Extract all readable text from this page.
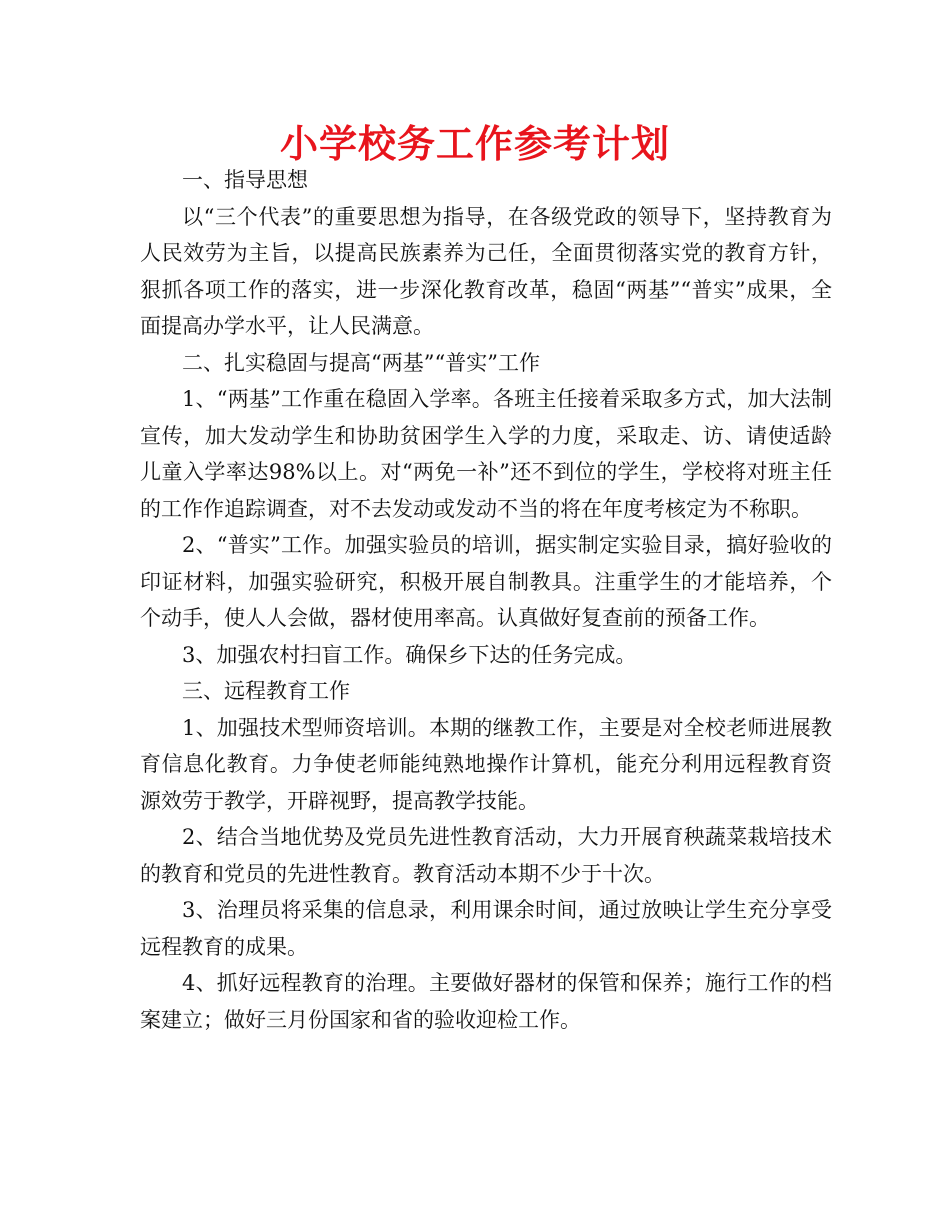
小学校务工作参考计划

一、指导思想

以“三个代表”的重要思想为指导，在各级党政的领导下，坚持教育为人民效劳为主旨，以提高民族素养为己任，全面贯彻落实党的教育方针，狠抓各项工作的落实，进一步深化教育改革，稳固“两基”“普实”成果，全面提高办学水平，让人民满意。

二、扎实稳固与提高“两基”“普实”工作

1、“两基”工作重在稳固入学率。各班主任接着采取多方式，加大法制宣传，加大发动学生和协助贫困学生入学的力度，采取走、访、请使适龄儿童入学率达98%以上。对“两免一补”还不到位的学生，学校将对班主任的工作作追踪调查，对不去发动或发动不当的将在年度考核定为不称职。

2、“普实”工作。加强实验员的培训，据实制定实验目录，搞好验收的印证材料，加强实验研究，积极开展自制教具。注重学生的才能培养，个个动手，使人人会做，器材使用率高。认真做好复查前的预备工作。

3、加强农村扫盲工作。确保乡下达的任务完成。

三、远程教育工作

1、加强技术型师资培训。本期的继教工作，主要是对全校老师进展教育信息化教育。力争使老师能纯熟地操作计算机，能充分利用远程教育资源效劳于教学，开辟视野，提高教学技能。

2、结合当地优势及党员先进性教育活动，大力开展育秧蔬菜栽培技术的教育和党员的先进性教育。教育活动本期不少于十次。

3、治理员将采集的信息录，利用课余时间，通过放映让学生充分享受远程教育的成果。

4、抓好远程教育的治理。主要做好器材的保管和保养；施行工作的档案建立；做好三月份国家和省的验收迎检工作。
